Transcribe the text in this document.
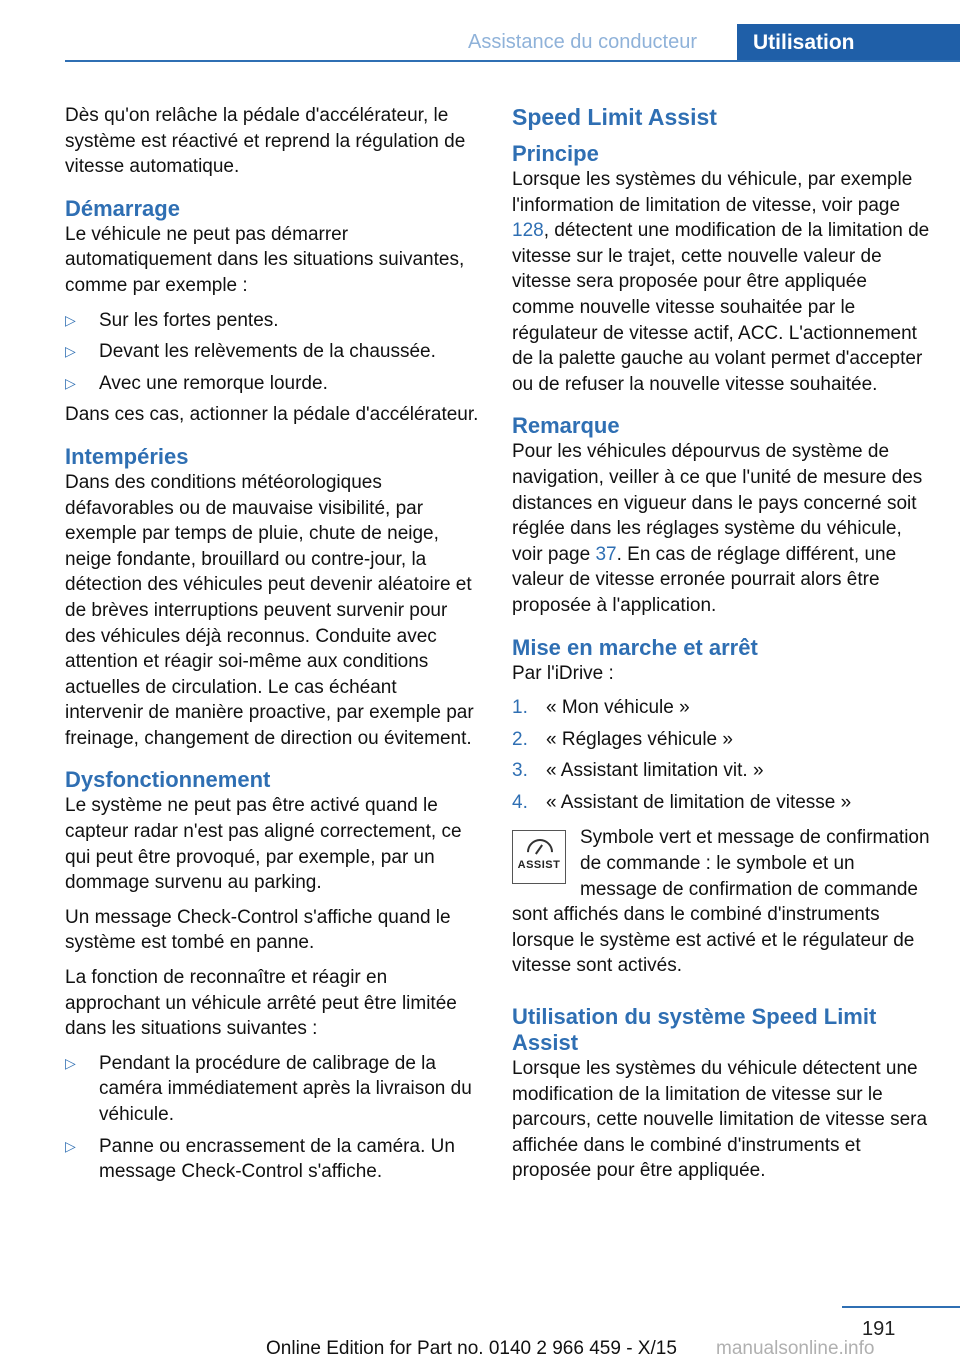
Assistance du conducteur	Utilisation

Dès qu'on relâche la pédale d'accélérateur, le système est réactivé et reprend la régulation de vitesse automatique.

Démarrage

Le véhicule ne peut pas démarrer automatiquement dans les situations suivantes, comme par exemple :

▷ Sur les fortes pentes.
▷ Devant les relèvements de la chaussée.
▷ Avec une remorque lourde.

Dans ces cas, actionner la pédale d'accélérateur.

Intempéries

Dans des conditions météorologiques défavorables ou de mauvaise visibilité, par exemple par temps de pluie, chute de neige, neige fondante, brouillard ou contre-jour, la détection des véhicules peut devenir aléatoire et de brèves interruptions peuvent survenir pour des véhicules déjà reconnus. Conduite avec attention et réagir soi-même aux conditions actuelles de circulation. Le cas échéant intervenir de manière proactive, par exemple par freinage, changement de direction ou évitement.

Dysfonctionnement

Le système ne peut pas être activé quand le capteur radar n'est pas aligné correctement, ce qui peut être provoqué, par exemple, par un dommage survenu au parking.

Un message Check-Control s'affiche quand le système est tombé en panne.

La fonction de reconnaître et réagir en approchant un véhicule arrêté peut être limitée dans les situations suivantes :

▷ Pendant la procédure de calibrage de la caméra immédiatement après la livraison du véhicule.
▷ Panne ou encrassement de la caméra. Un message Check-Control s'affiche.
Speed Limit Assist
Principe

Lorsque les systèmes du véhicule, par exemple l'information de limitation de vitesse, voir page 128, détectent une modification de la limitation de vitesse sur le trajet, cette nouvelle valeur de vitesse sera proposée pour être appliquée comme nouvelle vitesse souhaitée par le régulateur de vitesse actif, ACC. L'actionnement de la palette gauche au volant permet d'accepter ou de refuser la nouvelle vitesse souhaitée.

Remarque

Pour les véhicules dépourvus de système de navigation, veiller à ce que l'unité de mesure des distances en vigueur dans le pays concerné soit réglée dans les réglages système du véhicule, voir page 37. En cas de réglage différent, une valeur de vitesse erronée pourrait alors être proposée à l'application.

Mise en marche et arrêt

Par l'iDrive :

1. « Mon véhicule »
2. « Réglages véhicule »
3. « Assistant limitation vit. »
4. « Assistant de limitation de vitesse »
ASSIST

Symbole vert et message de confirmation de commande : le symbole et un message de confirmation de commande sont affichés dans le combiné d'instruments lorsque le système est activé et le régulateur de vitesse sont activés.

Utilisation du système Speed Limit Assist

Lorsque les systèmes du véhicule détectent une modification de la limitation de vitesse sur le parcours, cette nouvelle limitation de vitesse sera affichée dans le combiné d'instruments et proposée pour être appliquée.

191
Online Edition for Part no. 0140 2 966 459 - X/15 manualsonline.info
